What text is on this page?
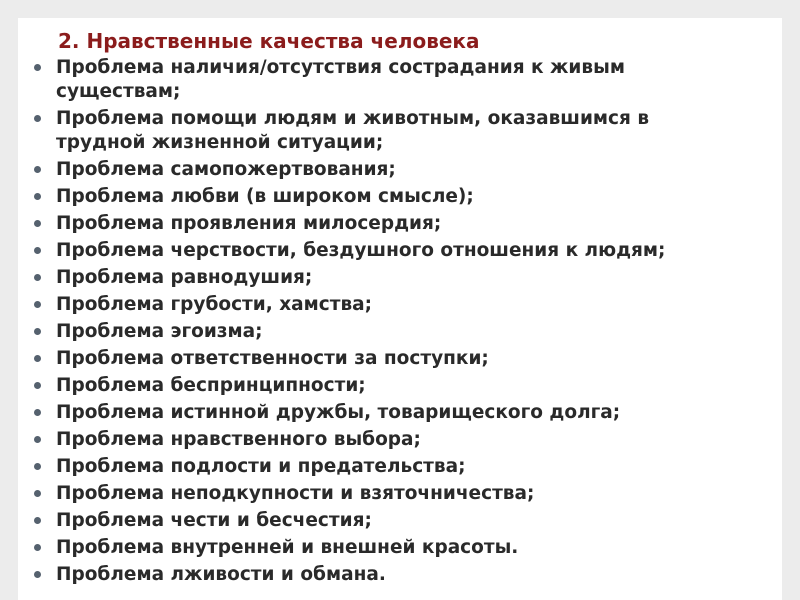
2. Нравственные качества человека
Проблема наличия/отсутствия сострадания к живым
существам;
Проблема помощи людям и животным, оказавшимся в
трудной жизненной ситуации;
Проблема самопожертвования;
Проблема любви (в широком смысле);
Проблема проявления милосердия;
Проблема черствости, бездушного отношения к людям;
Проблема равнодушия;
Проблема грубости, хамства;
Проблема эгоизма;
Проблема ответственности за поступки;
Проблема беспринципности;
Проблема истинной дружбы, товарищеского долга;
Проблема нравственного выбора;
Проблема подлости и предательства;
Проблема неподкупности и взяточничества;
Проблема чести и бесчестия;
Проблема внутренней и внешней красоты.
Проблема лживости и обмана.
